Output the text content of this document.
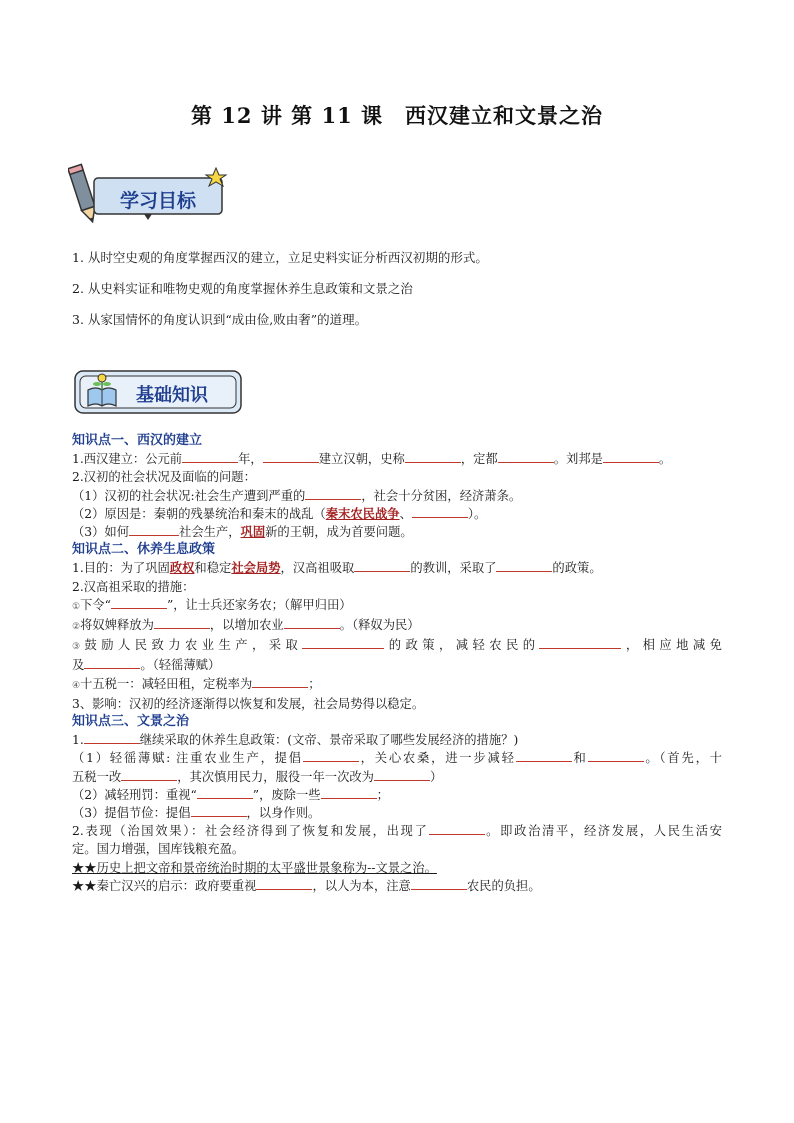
第 12 讲 第 11 课　西汉建立和文景之治
学习目标

1. 从时空史观的角度掌握西汉的建立，立足史料实证分析西汉初期的形式。

2. 从史料实证和唯物史观的角度掌握休养生息政策和文景之治

3. 从家国情怀的角度认识到“成由俭,败由奢”的道理。

基础知识

知识点一、西汉的建立

1.西汉建立：公元前	年，	建立汉朝，史称	，定都	。刘邦是	。

2.汉初的社会状况及面临的问题：

（1）汉初的社会状况:社会生产遭到严重的	，社会十分贫困，经济萧条。

（2）原因是：秦朝的残暴统治和秦末的战乱（秦末农民战争、	）。

（3）如何	社会生产，巩固新的王朝，成为首要问题。

知识点二、休养生息政策

1.目的：为了巩固政权和稳定社会局势，汉高祖吸取	的教训，采取了	的政策。

2.汉高祖采取的措施：

①下令“	”，让士兵还家务农；（解甲归田）

②将奴婢释放为	，以增加农业	。（释奴为民）

③鼓励人民致力农业生产，采取	的政策，减轻农民的	，相应地减免

及	。（轻徭薄赋）

④十五税一：减轻田租，定税率为	；

3、影响：汉初的经济逐渐得以恢复和发展，社会局势得以稳定。

知识点三、文景之治

1.	继续采取的休养生息政策：(文帝、景帝采取了哪些发展经济的措施？)

（1）轻徭薄赋: 注重农业生产，提倡	，关心农桑，进一步减轻	和	。（首先，十

五税一改	，其次慎用民力，服役一年一次改为	）

（2）减轻刑罚：重视“	”，废除一些	；

（3）提倡节俭：提倡	，以身作则。

2.表现（治国效果）：社会经济得到了恢复和发展，出现了	。即政治清平，经济发展，人民生活安

定。国力增强，国库钱粮充盈。

★★历史上把文帝和景帝统治时期的太平盛世景象称为--文景之治。

★★秦亡汉兴的启示：政府要重视	，以人为本，注意	农民的负担。
